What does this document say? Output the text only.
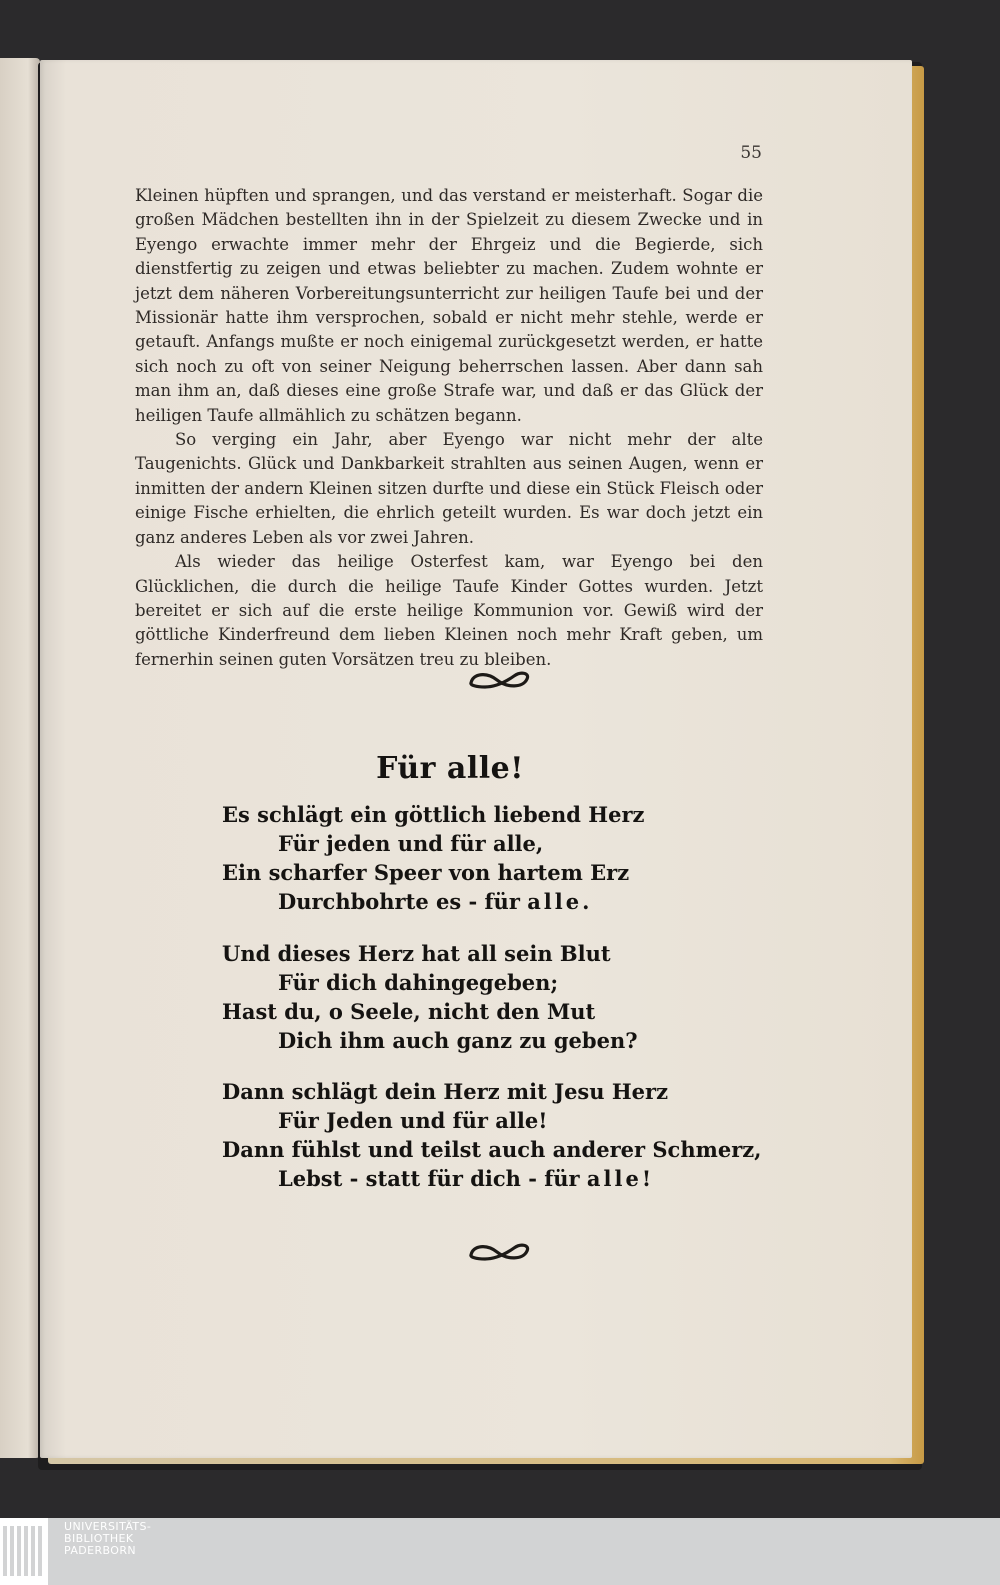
55

Kleinen hüpften und sprangen, und das verstand er meisterhaft. Sogar die großen Mädchen bestellten ihn in der Spielzeit zu diesem Zwecke und in Eyengo erwachte immer mehr der Ehrgeiz und die Begierde, sich dienstfertig zu zeigen und etwas beliebter zu machen. Zudem wohnte er jetzt dem näheren Vorbereitungsunterricht zur heiligen Taufe bei und der Missionär hatte ihm versprochen, sobald er nicht mehr stehle, werde er getauft. Anfangs mußte er noch einigemal zurückgesetzt werden, er hatte sich noch zu oft von seiner Neigung beherrschen lassen. Aber dann sah man ihm an, daß dieses eine große Strafe war, und daß er das Glück der heiligen Taufe allmählich zu schätzen begann.

So verging ein Jahr, aber Eyengo war nicht mehr der alte Taugenichts. Glück und Dankbarkeit strahlten aus seinen Augen, wenn er inmitten der andern Kleinen sitzen durfte und diese ein Stück Fleisch oder einige Fische erhielten, die ehrlich geteilt wurden. Es war doch jetzt ein ganz anderes Leben als vor zwei Jahren.

Als wieder das heilige Osterfest kam, war Eyengo bei den Glücklichen, die durch die heilige Taufe Kinder Gottes wurden. Jetzt bereitet er sich auf die erste heilige Kommunion vor. Gewiß wird der göttliche Kinderfreund dem lieben Kleinen noch mehr Kraft geben, um fernerhin seinen guten Vorsätzen treu zu bleiben.

Für alle!
Es schlägt ein göttlich liebend Herz
Für jeden und für alle,
Ein scharfer Speer von hartem Erz
Durchbohrte es - für alle.
Und dieses Herz hat all sein Blut
Für dich dahingegeben;
Hast du, o Seele, nicht den Mut
Dich ihm auch ganz zu geben?
Dann schlägt dein Herz mit Jesu Herz
Für Jeden und für alle!
Dann fühlst und teilst auch anderer Schmerz,
Lebst - statt für dich - für alle!
UNIVERSITÄTS-
BIBLIOTHEK
PADERBORN
